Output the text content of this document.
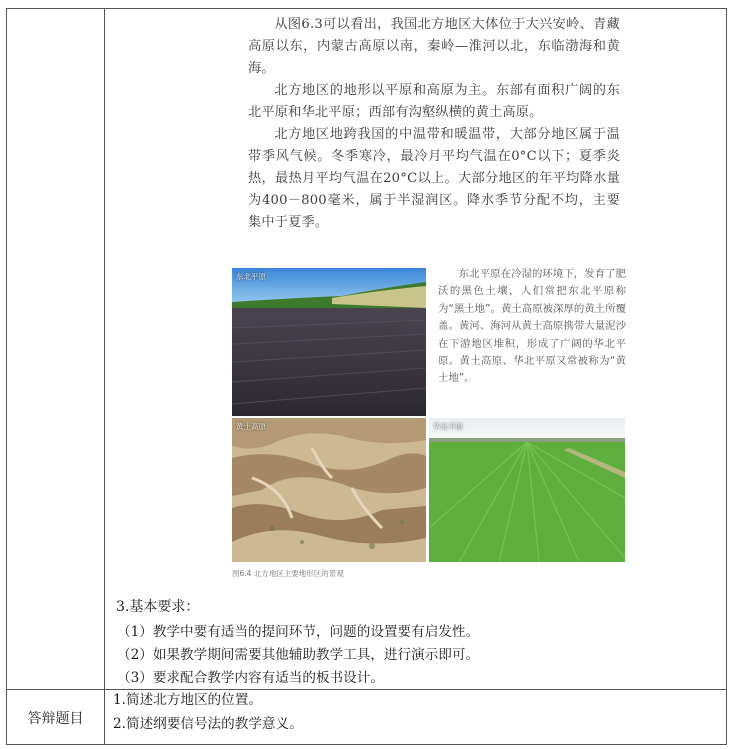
答辩题目

从图6.3可以看出，我国北方地区大体位于大兴安岭、青藏高原以东，内蒙古高原以南，秦岭—淮河以北，东临渤海和黄海。

北方地区的地形以平原和高原为主。东部有面积广阔的东北平原和华北平原；西部有沟壑纵横的黄土高原。

北方地区地跨我国的中温带和暖温带，大部分地区属于温带季风气候。冬季寒冷，最冷月平均气温在0°C以下；夏季炎热，最热月平均气温在20°C以上。大部分地区的年平均降水量为400－800毫米，属于半湿润区。降水季节分配不均，主要集中于夏季。

东北平原
黄土高原	华北平原

东北平原在冷湿的环境下，发育了肥沃的黑色土壤，人们常把东北平原称为“黑土地”。黄土高原被深厚的黄土所覆盖。黄河、海河从黄土高原携带大量泥沙在下游地区堆积，形成了广阔的华北平原。黄土高原、华北平原又常被称为“黄土地”。

图6.4 北方地区主要地形区的景观
3.基本要求：
（1）教学中要有适当的提问环节，问题的设置要有启发性。
（2）如果教学期间需要其他辅助教学工具，进行演示即可。
（3）要求配合教学内容有适当的板书设计。
1.简述北方地区的位置。
2.简述纲要信号法的教学意义。
